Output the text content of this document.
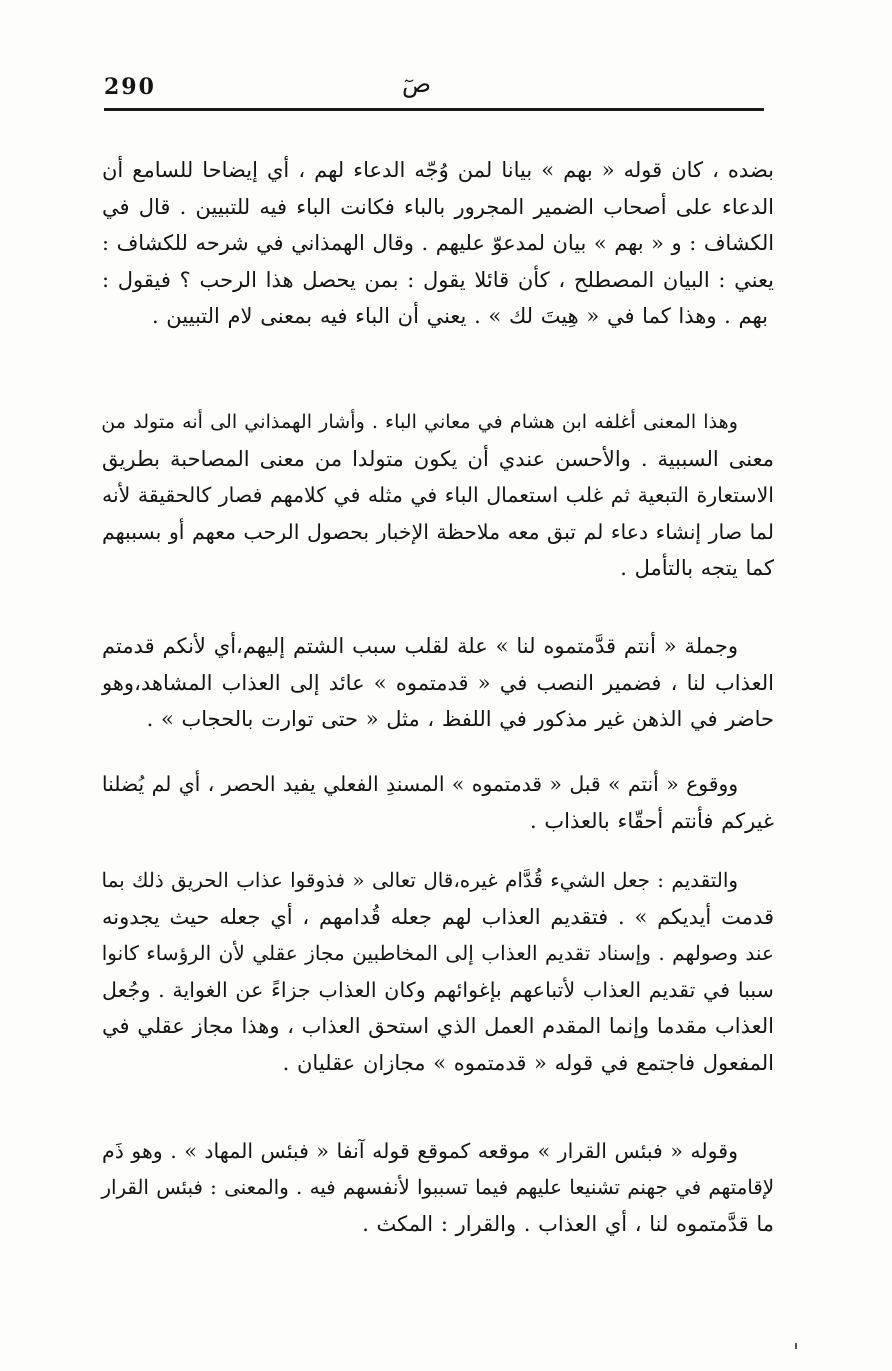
290	صٓ
بضده ، كان قوله « بهم » بيانا لمن وُجّه الدعاء لهم ، أي إيضاحا للسامع أن
الدعاء على أصحاب الضمير المجرور بالباء فكانت الباء فيه للتبيين . قال في
الكشاف : و « بهم » بيان لمدعوّ عليهم . وقال الهمذاني في شرحه للكشاف :
يعني : البيان المصطلح ، كأن قائلا يقول : بمن يحصل هذا الرحب ؟ فيقول :
بهم . وهذا كما في « هِيتَ لك » . يعني أن الباء فيه بمعنى لام التبيين .
وهذا المعنى أغلفه ابن هشام في معاني الباء . وأشار الهمذاني الى أنه متولد من
معنى السببية . والأحسن عندي أن يكون متولدا من معنى المصاحبة بطريق
الاستعارة التبعية ثم غلب استعمال الباء في مثله في كلامهم فصار كالحقيقة لأنه
لما صار إنشاء دعاء لم تبق معه ملاحظة الإخبار بحصول الرحب معهم أو بسببهم
كما يتجه بالتأمل .
وجملة « أنتم قدَّمتموه لنا » علة لقلب سبب الشتم إليهم،أي لأنكم قدمتم
العذاب لنا ، فضمير النصب في « قدمتموه » عائد إلى العذاب المشاهد،وهو
حاضر في الذهن غير مذكور في اللفظ ، مثل « حتى توارت بالحجاب » .
ووقوع « أنتم » قبل « قدمتموه » المسندِ الفعلي يفيد الحصر ، أي لم يُضلنا
غيركم فأنتم أحقّاء بالعذاب .
والتقديم : جعل الشيء قُدَّام غيره،قال تعالى « فذوقوا عذاب الحريق ذلك بما
قدمت أيديكم » . فتقديم العذاب لهم جعله قُدامهم ، أي جعله حيث يجدونه
عند وصولهم . وإسناد تقديم العذاب إلى المخاطبين مجاز عقلي لأن الرؤساء كانوا
سببا في تقديم العذاب لأتباعهم بإغوائهم وكان العذاب جزاءً عن الغواية . وجُعل
العذاب مقدما وإنما المقدم العمل الذي استحق العذاب ، وهذا مجاز عقلي في
المفعول فاجتمع في قوله « قدمتموه » مجازان عقليان .
وقوله « فبئس القرار » موقعه كموقع قوله آنفا « فبئس المهاد » . وهو ذَم
لإقامتهم في جهنم تشنيعا عليهم فيما تسببوا لأنفسهم فيه . والمعنى : فبئس القرار
ما قدَّمتموه لنا ، أي العذاب . والقرار : المكث .
